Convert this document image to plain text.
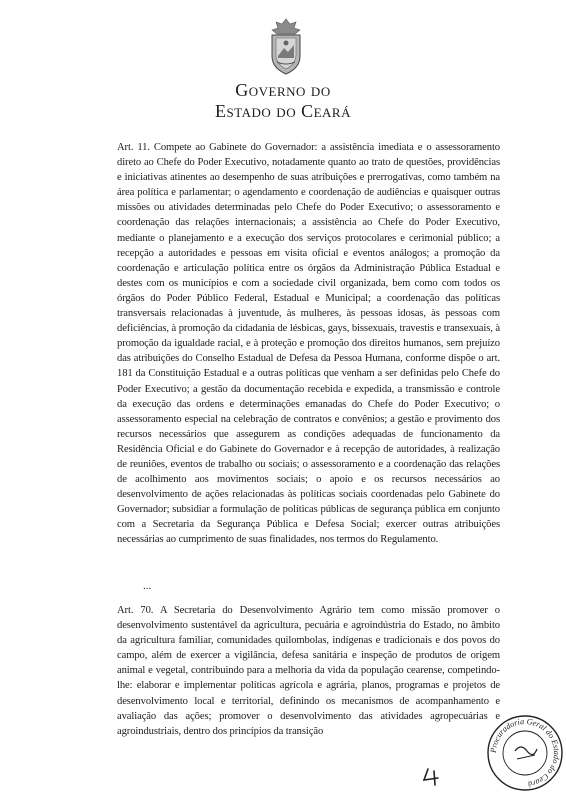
Governo do
Estado do Ceará
Art. 11. Compete ao Gabinete do Governador: a assistência imediata e o assessoramento direto ao Chefe do Poder Executivo, notadamente quanto ao trato de questões, providências e iniciativas atinentes ao desempenho de suas atribuições e prerrogativas, como também na área política e parlamentar; o agendamento e coordenação de audiências e quaisquer outras missões ou atividades determinadas pelo Chefe do Poder Executivo; o assessoramento e coordenação das relações internacionais; a assistência ao Chefe do Poder Executivo, mediante o planejamento e a execução dos serviços protocolares e cerimonial público; a recepção a autoridades e pessoas em visita oficial e eventos análogos; a promoção da coordenação e articulação política entre os órgãos da Administração Pública Estadual e destes com os municípios e com a sociedade civil organizada, bem como com todos os órgãos do Poder Público Federal, Estadual e Municipal; a coordenação das políticas transversais relacionadas à juventude, às mulheres, às pessoas idosas, às pessoas com deficiências, à promoção da cidadania de lésbicas, gays, bissexuais, travestis e transexuais, à promoção da igualdade racial, e à proteção e promoção dos direitos humanos, sem prejuízo das atribuições do Conselho Estadual de Defesa da Pessoa Humana, conforme dispõe o art. 181 da Constituição Estadual e a outras políticas que venham a ser definidas pelo Chefe do Poder Executivo; a gestão da documentação recebida e expedida, a transmissão e controle da execução das ordens e determinações emanadas do Chefe do Poder Executivo; o assessoramento especial na celebração de contratos e convênios; a gestão e provimento dos recursos necessários que assegurem as condições adequadas de funcionamento da Residência Oficial e do Gabinete do Governador e à recepção de autoridades, à realização de reuniões, eventos de trabalho ou sociais; o assessoramento e a coordenação das relações de acolhimento aos movimentos sociais; o apoio e os recursos necessários ao desenvolvimento de ações relacionadas às políticas sociais coordenadas pelo Gabinete do Governador; subsidiar a formulação de políticas públicas de segurança pública em conjunto com a Secretaria da Segurança Pública e Defesa Social; exercer outras atribuições necessárias ao cumprimento de suas finalidades, nos termos do Regulamento.
...
Art. 70. A Secretaria do Desenvolvimento Agrário tem como missão promover o desenvolvimento sustentável da agricultura, pecuária e agroindústria do Estado, no âmbito da agricultura familiar, comunidades quilombolas, indígenas e tradicionais e dos povos do campo, além de exercer a vigilância, defesa sanitária e inspeção de produtos de origem animal e vegetal, contribuindo para a melhoria da vida da população cearense, competindo-lhe: elaborar e implementar políticas agrícola e agrária, planos, programas e projetos de desenvolvimento local e territorial, definindo os mecanismos de acompanhamento e avaliação das ações; promover o desenvolvimento das atividades agropecuárias e agroindustriais, dentro dos princípios da transição
Procuradoria Geral do Estado do Ceará
